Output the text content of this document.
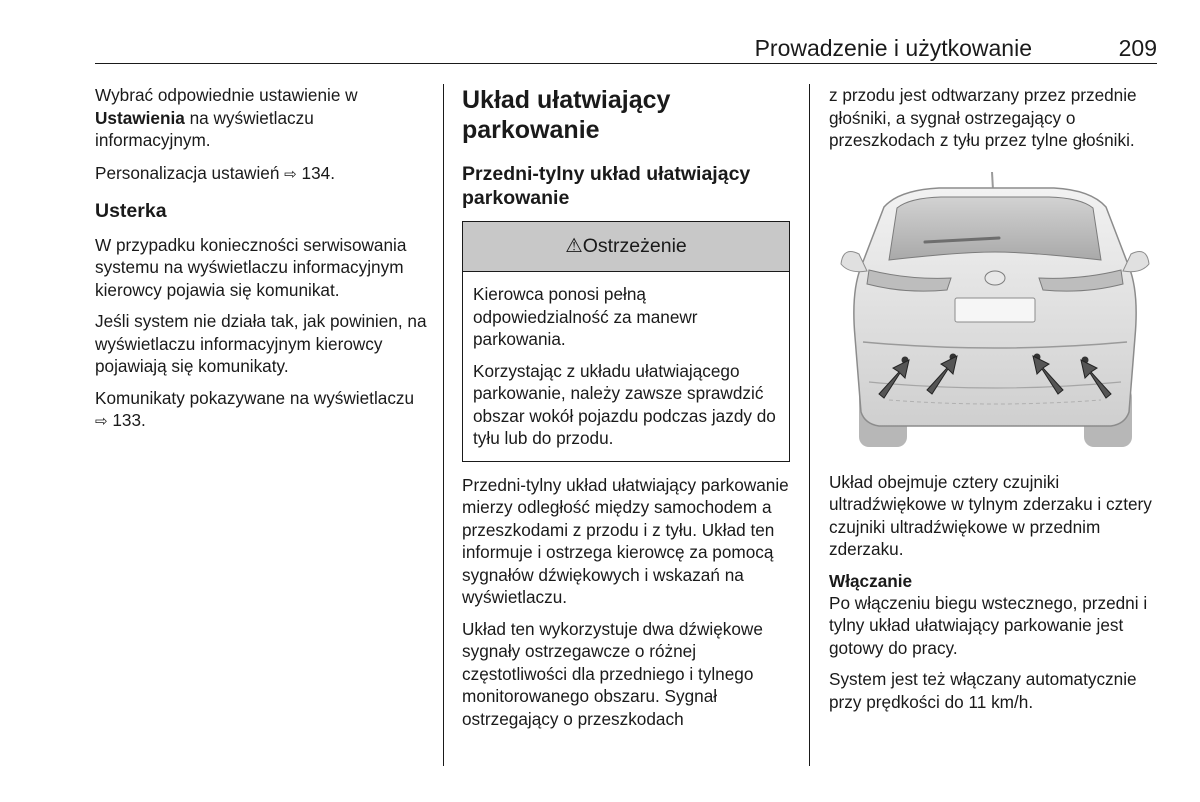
Prowadzenie i użytkowanie	209

Wybrać odpowiednie ustawienie w
Ustawienia na wyświetlaczu informacyjnym.

Personalizacja ustawień ⇨ 134.

Usterka

W przypadku konieczności serwisowania systemu na wyświetlaczu informacyjnym kierowcy pojawia się komunikat.

Jeśli system nie działa tak, jak powinien, na wyświetlaczu informacyjnym kierowcy pojawiają się komunikaty.

Komunikaty pokazywane na wyświetlaczu ⇨ 133.

Układ ułatwiający parkowanie
Przedni-tylny układ ułatwiający parkowanie
⚠ Ostrzeżenie

Kierowca ponosi pełną odpowiedzialność za manewr parkowania.

Korzystając z układu ułatwiającego parkowanie, należy zawsze sprawdzić obszar wokół pojazdu podczas jazdy do tyłu lub do przodu.

Przedni-tylny układ ułatwiający parkowanie mierzy odległość między samochodem a przeszkodami z przodu i z tyłu. Układ ten informuje i ostrzega kierowcę za pomocą sygnałów dźwiękowych i wskazań na wyświetlaczu.

Układ ten wykorzystuje dwa dźwiękowe sygnały ostrzegawcze o różnej częstotliwości dla przedniego i tylnego monitorowanego obszaru. Sygnał ostrzegający o przeszkodach

z przodu jest odtwarzany przez przednie głośniki, a sygnał ostrzegający o przeszkodach z tyłu przez tylne głośniki.

Układ obejmuje cztery czujniki ultradźwiękowe w tylnym zderzaku i cztery czujniki ultradźwiękowe w przednim zderzaku.

Włączanie

Po włączeniu biegu wstecznego, przedni i tylny układ ułatwiający parkowanie jest gotowy do pracy.

System jest też włączany automatycznie przy prędkości do 11 km/h.
